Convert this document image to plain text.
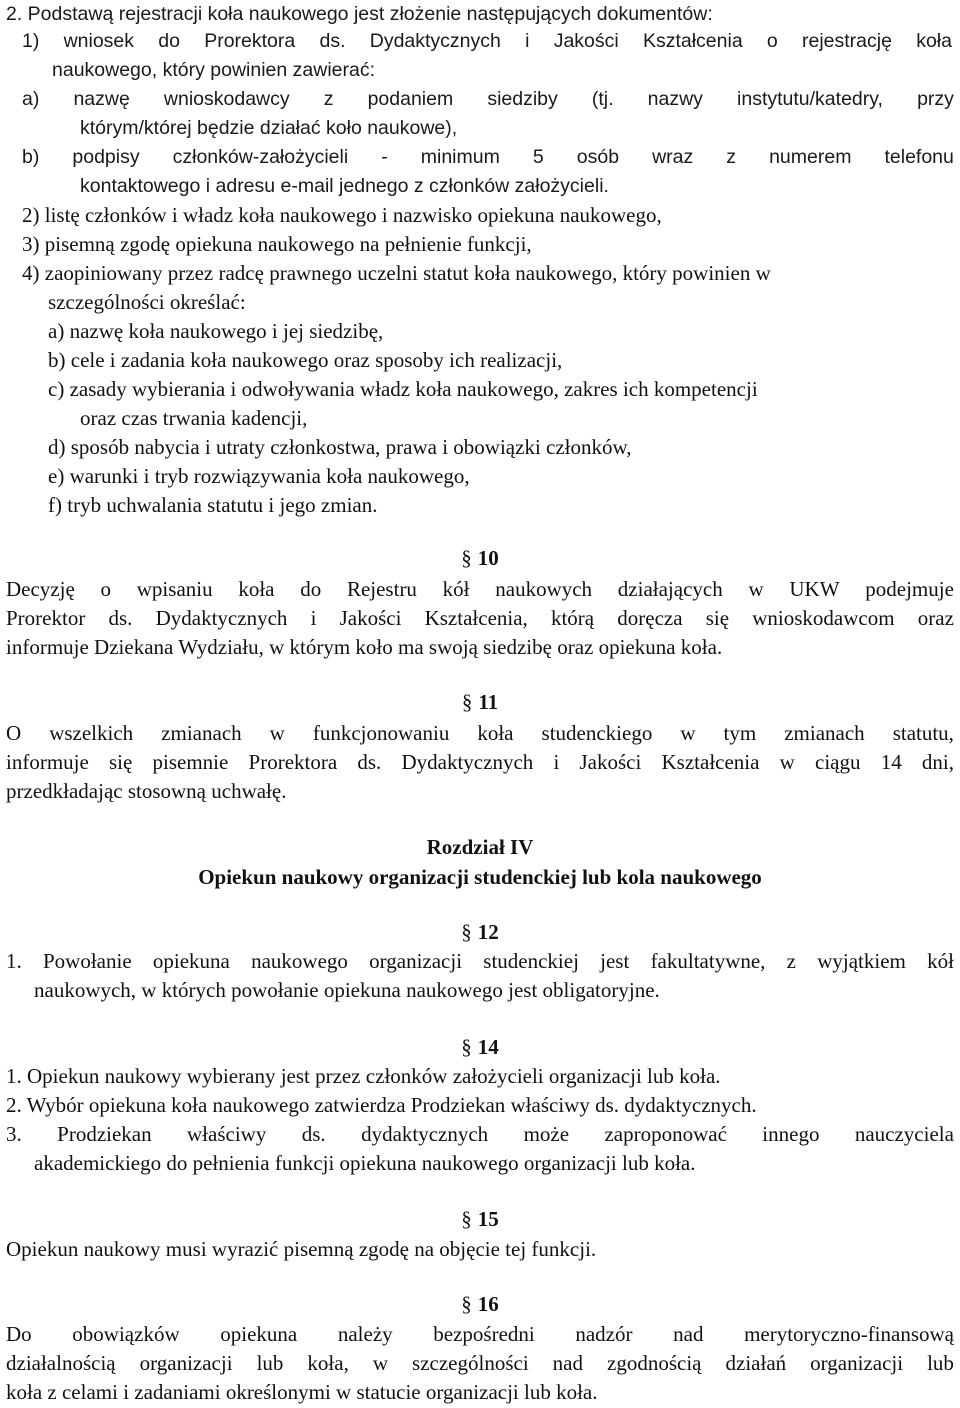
2. Podstawą rejestracji koła naukowego jest złożenie następujących dokumentów:
1) wniosek do Prorektora ds. Dydaktycznych i Jakości Kształcenia o rejestrację koła
naukowego, który powinien zawierać:
a) nazwę wnioskodawcy z podaniem siedziby (tj. nazwy instytutu/katedry, przy
którym/której będzie działać koło naukowe),
b) podpisy członków-założycieli - minimum 5 osób wraz z numerem telefonu
kontaktowego i adresu e-mail jednego z członków założycieli.
2) listę członków i władz koła naukowego i nazwisko opiekuna naukowego,
3) pisemną zgodę opiekuna naukowego na pełnienie funkcji,
4) zaopiniowany przez radcę prawnego uczelni statut koła naukowego, który powinien w
szczególności określać:
a) nazwę koła naukowego i jej siedzibę,
b) cele i zadania koła naukowego oraz sposoby ich realizacji,
c) zasady wybierania i odwoływania władz koła naukowego, zakres ich kompetencji
oraz czas trwania kadencji,
d) sposób nabycia i utraty członkostwa, prawa i obowiązki członków,
e) warunki i tryb rozwiązywania koła naukowego,
f) tryb uchwalania statutu i jego zmian.
§ 10
Decyzję o wpisaniu koła do Rejestru kół naukowych działających w UKW podejmuje
Prorektor ds. Dydaktycznych i Jakości Kształcenia, którą doręcza się wnioskodawcom oraz
informuje Dziekana Wydziału, w którym koło ma swoją siedzibę oraz opiekuna koła.
§ 11
O wszelkich zmianach w funkcjonowaniu koła studenckiego w tym zmianach statutu,
informuje się pisemnie Prorektora ds. Dydaktycznych i Jakości Kształcenia w ciągu 14 dni,
przedkładając stosowną uchwałę.
Rozdział IV
Opiekun naukowy organizacji studenckiej lub kola naukowego
§ 12
1. Powołanie opiekuna naukowego organizacji studenckiej jest fakultatywne, z wyjątkiem kół
naukowych, w których powołanie opiekuna naukowego jest obligatoryjne.
§ 14
1. Opiekun naukowy wybierany jest przez członków założycieli organizacji lub koła.
2. Wybór opiekuna koła naukowego zatwierdza Prodziekan właściwy ds. dydaktycznych.
3. Prodziekan właściwy ds. dydaktycznych może zaproponować innego nauczyciela
akademickiego do pełnienia funkcji opiekuna naukowego organizacji lub koła.
§ 15
Opiekun naukowy musi wyrazić pisemną zgodę na objęcie tej funkcji.
§ 16
Do obowiązków opiekuna należy bezpośredni nadzór nad merytoryczno-finansową
działalnością organizacji lub koła, w szczególności nad zgodnością działań organizacji lub
koła z celami i zadaniami określonymi w statucie organizacji lub koła.
